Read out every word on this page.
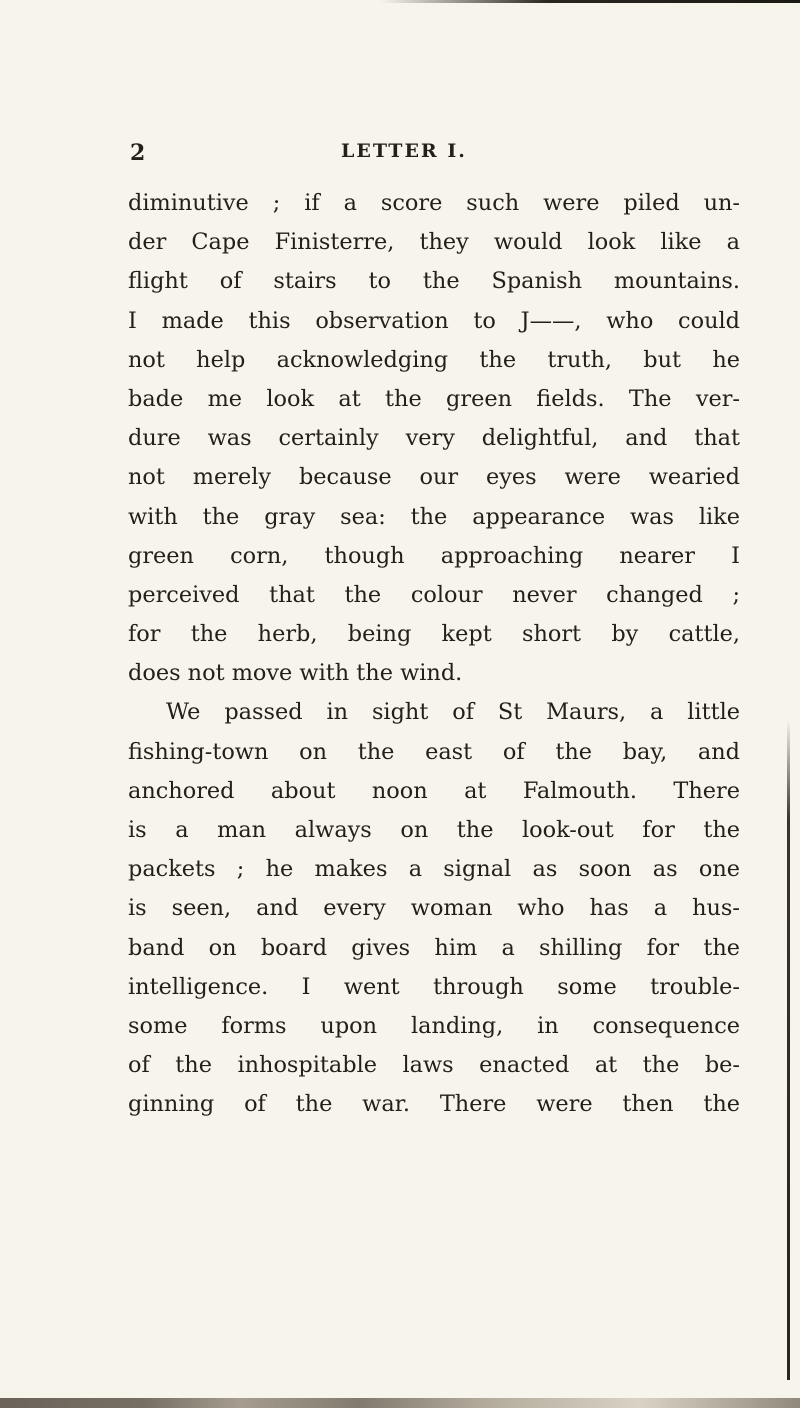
2	LETTER I.
diminutive ; if a score such were piled un-
der Cape Finisterre, they would look like a
flight of stairs to the Spanish mountains.
I made this observation to J——, who could
not help acknowledging the truth, but he
bade me look at the green fields. The ver-
dure was certainly very delightful, and that
not merely because our eyes were wearied
with the gray sea: the appearance was like
green corn, though approaching nearer I
perceived that the colour never changed ;
for the herb, being kept short by cattle,
does not move with the wind.
We passed in sight of St Maurs, a little
fishing-town on the east of the bay, and
anchored about noon at Falmouth. There
is a man always on the look-out for the
packets ; he makes a signal as soon as one
is seen, and every woman who has a hus-
band on board gives him a shilling for the
intelligence. I went through some trouble-
some forms upon landing, in consequence
of the inhospitable laws enacted at the be-
ginning of the war. There were then the
